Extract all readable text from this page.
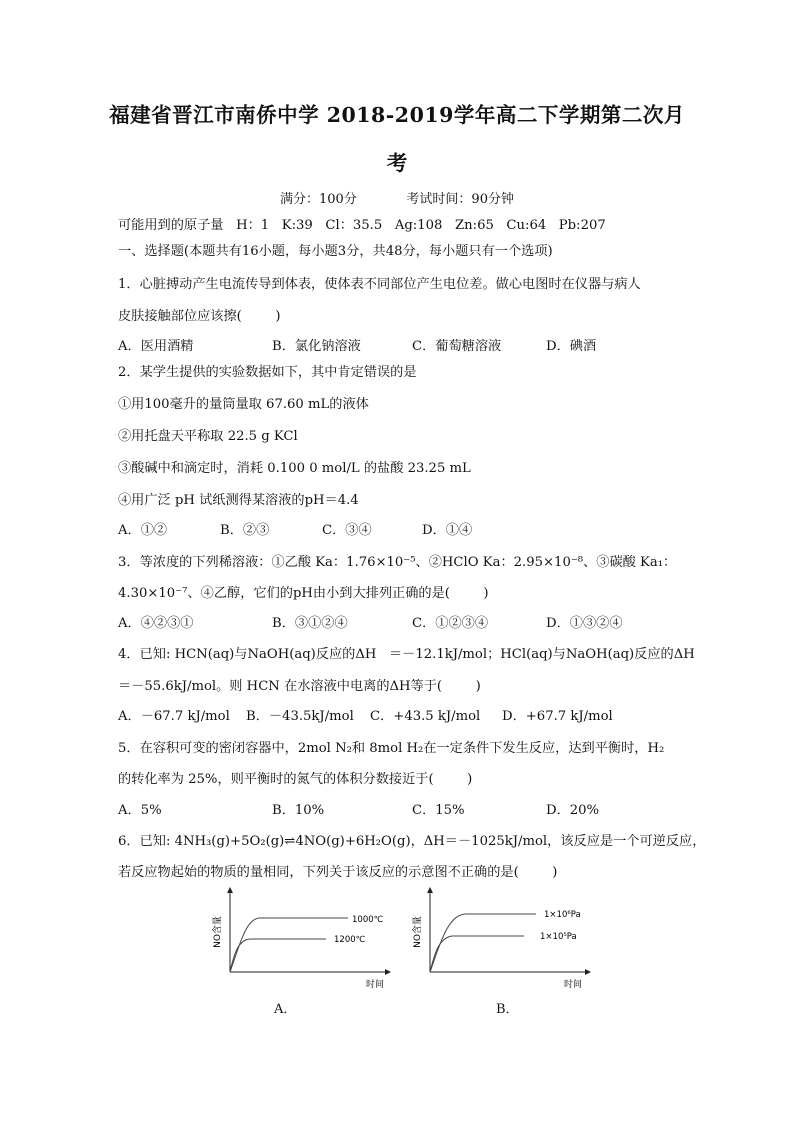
福建省晋江市南侨中学 2018-2019学年高二下学期第二次月
考
满分：100分            考试时间：90分钟
可能用到的原子量   H：1   K:39   Cl：35.5   Ag:108   Zn:65   Cu:64   Pb:207
一、选择题(本题共有16小题，每小题3分，共48分，每小题只有一个选项)
1．心脏搏动产生电流传导到体表，使体表不同部位产生电位差。做心电图时在仪器与病人
皮肤接触部位应该擦(        )
A．医用酒精	B．氯化钠溶液	C．葡萄糖溶液	D．碘酒
2．某学生提供的实验数据如下，其中肯定错误的是
①用100毫升的量筒量取 67.60 mL的液体
②用托盘天平称取 22.5 g KCl
③酸碱中和滴定时，消耗 0.100 0 mol/L 的盐酸 23.25 mL
④用广泛 pH 试纸测得某溶液的pH＝4.4
A．①②	B．②③	C．③④	D．①④
3．等浓度的下列稀溶液：①乙酸 Ka：1.76×10⁻⁵、②HClO Ka：2.95×10⁻⁸、③碳酸 Ka₁：
4.30×10⁻⁷、④乙醇，它们的pH由小到大排列正确的是(        )
A．④②③①	B．③①②④	C．①②③④	D．①③②④
4．已知: HCN(aq)与NaOH(aq)反应的ΔH   ＝－12.1kJ/mol；HCl(aq)与NaOH(aq)反应的ΔH
＝－55.6kJ/mol。则 HCN 在水溶液中电离的ΔH等于(        )
A．－67.7 kJ/mol B．－43.5kJ/mol C．+43.5 kJ/mol D．+67.7 kJ/mol
5．在容积可变的密闭容器中，2mol N₂和 8mol H₂在一定条件下发生反应，达到平衡时，H₂
的转化率为 25%，则平衡时的氮气的体积分数接近于(        )
A．5%	B．10%	C．15%	D．20%
6．已知: 4NH₃(g)+5O₂(g)⇌4NO(g)+6H₂O(g)，ΔH＝－1025kJ/mol，该反应是一个可逆反应，
若反应物起始的物质的量相同，下列关于该反应的示意图不正确的是(        )
NO含量	1000℃
1200℃
时间
A．
NO含量
1×10⁶Pa
1×10⁵Pa
时间
B．
